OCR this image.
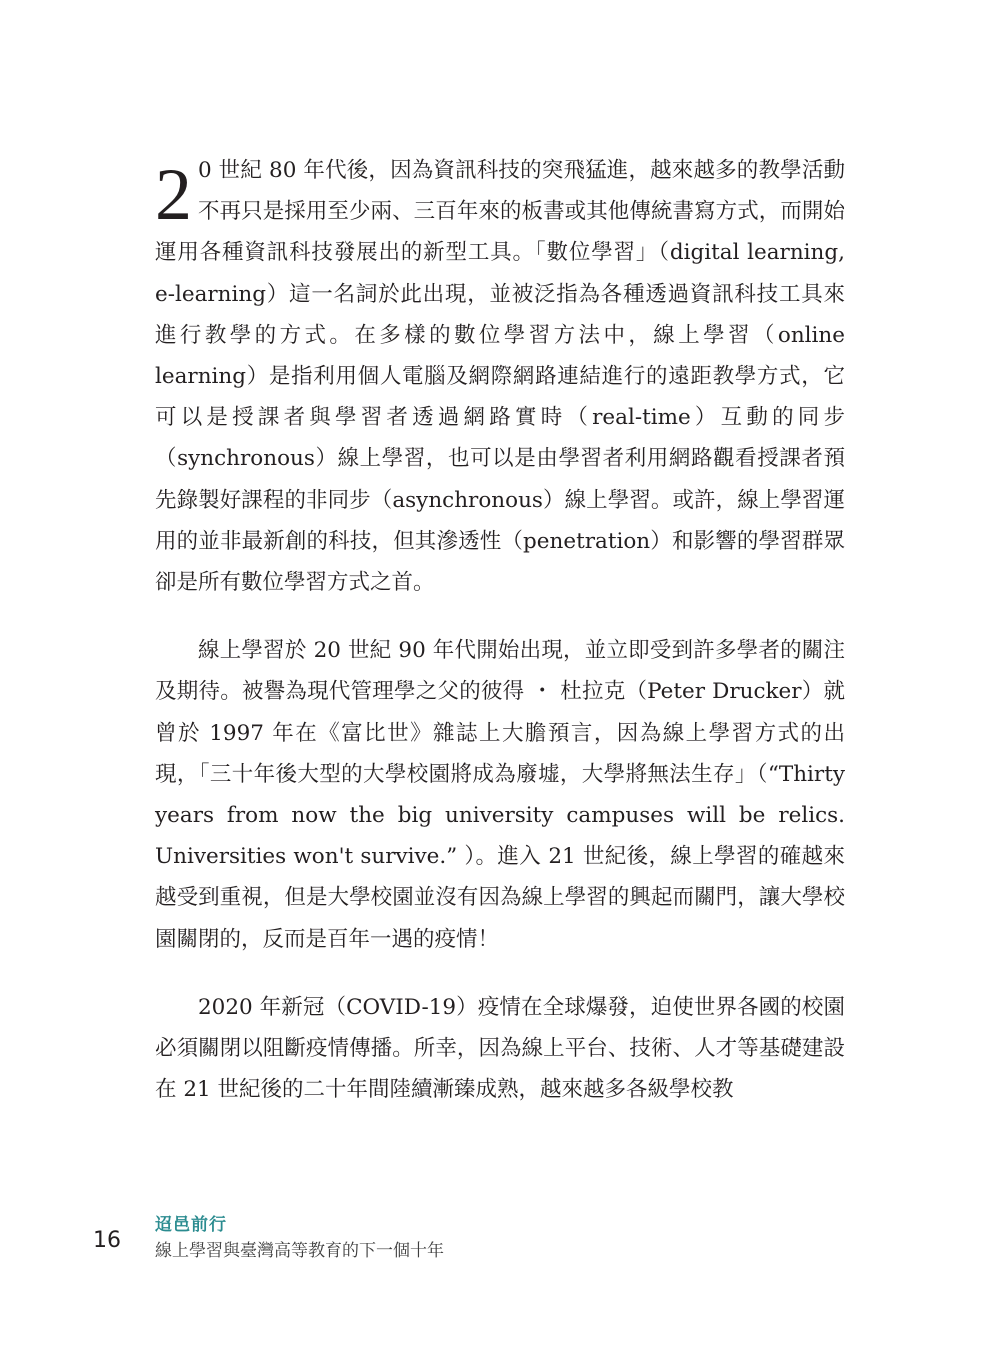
2 0 世紀 80 年代後，因為資訊科技的突飛猛進，越來越多的教學活動不再只是採用至少兩、三百年來的板書或其他傳統書寫方式，而開始運用各種資訊科技發展出的新型工具。「數位學習」（digital learning, e-learning）這一名詞於此出現，並被泛指為各種透過資訊科技工具來進行教學的方式。在多樣的數位學習方法中，線上學習（online learning）是指利用個人電腦及網際網路連結進行的遠距教學方式，它可以是授課者與學習者透過網路實時（real-time）互動的同步（synchronous）線上學習，也可以是由學習者利用網路觀看授課者預先錄製好課程的非同步（asynchronous）線上學習。或許，線上學習運用的並非最新創的科技，但其滲透性（penetration）和影響的學習群眾卻是所有數位學習方式之首。

線上學習於 20 世紀 90 年代開始出現，並立即受到許多學者的關注及期待。被譽為現代管理學之父的彼得 ・ 杜拉克（Peter Drucker）就曾於 1997 年在《富比世》雜誌上大膽預言，因為線上學習方式的出現，「三十年後大型的大學校園將成為廢墟，大學將無法生存」（“Thirty years from now the big university campuses will be relics. Universities won't survive.” ）。進入 21 世紀後，線上學習的確越來越受到重視，但是大學校園並沒有因為線上學習的興起而關門，讓大學校園關閉的，反而是百年一遇的疫情！

2020 年新冠（COVID-19）疫情在全球爆發，迫使世界各國的校園必須關閉以阻斷疫情傳播。所幸，因為線上平台、技術、人才等基礎建設在 21 世紀後的二十年間陸續漸臻成熟，越來越多各級學校教

16
迢邑前行
線上學習與臺灣高等教育的下一個十年
